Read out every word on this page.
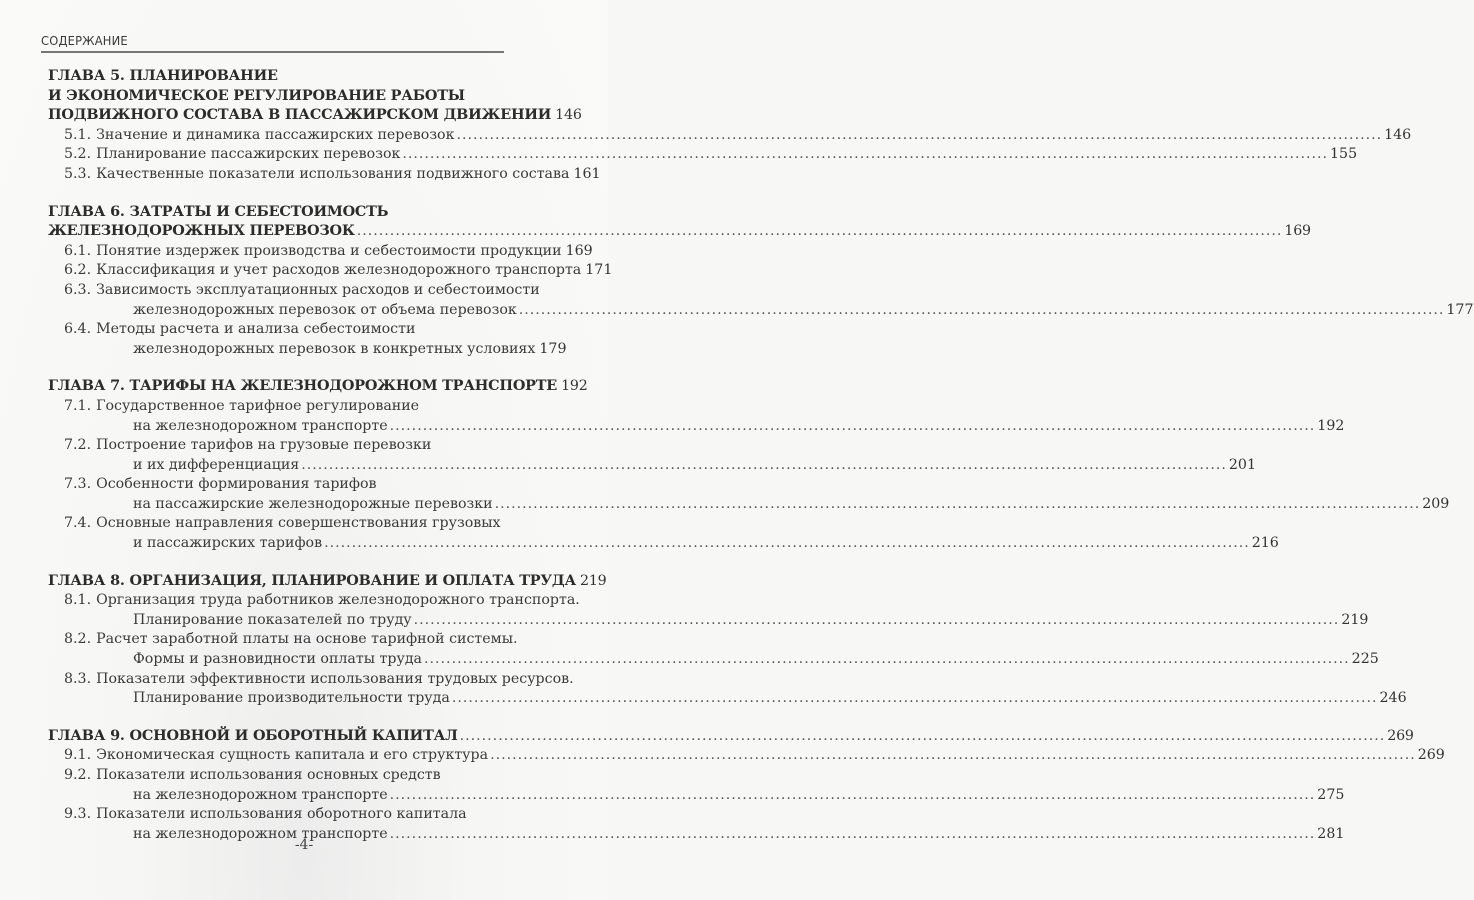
СОДЕРЖАНИЕ
ГЛАВА 5. ПЛАНИРОВАНИЕ
И ЭКОНОМИЧЕСКОЕ РЕГУЛИРОВАНИЕ РАБОТЫ
ПОДВИЖНОГО СОСТАВА В ПАССАЖИРСКОМ ДВИЖЕНИИ 146
5.1. Значение и динамика пассажирских перевозок .....	146
5.2. Планирование пассажирских перевозок .....	155
5.3. Качественные показатели использования подвижного состава 161
ГЛАВА 6. ЗАТРАТЫ И СЕБЕСТОИМОСТЬ
ЖЕЛЕЗНОДОРОЖНЫХ ПЕРЕВОЗОК .....	169
6.1. Понятие издержек производства и себестоимости продукции 169
6.2. Классификация и учет расходов железнодорожного транспорта 171
6.3. Зависимость эксплуатационных расходов и себестоимости
железнодорожных перевозок от объема перевозок .....	177
6.4. Методы расчета и анализа себестоимости
железнодорожных перевозок в конкретных условиях 179
ГЛАВА 7. ТАРИФЫ НА ЖЕЛЕЗНОДОРОЖНОМ ТРАНСПОРТЕ 192
7.1. Государственное тарифное регулирование
на железнодорожном транспорте .....	192
7.2. Построение тарифов на грузовые перевозки
и их дифференциация .....	201
7.3. Особенности формирования тарифов
на пассажирские железнодорожные перевозки .....	209
7.4. Основные направления совершенствования грузовых
и пассажирских тарифов .....	216
ГЛАВА 8. ОРГАНИЗАЦИЯ, ПЛАНИРОВАНИЕ И ОПЛАТА ТРУДА 219
8.1. Организация труда работников железнодорожного транспорта.
Планирование показателей по труду .....	219
8.2. Расчет заработной платы на основе тарифной системы.
Формы и разновидности оплаты труда .....	225
8.3. Показатели эффективности использования трудовых ресурсов.
Планирование производительности труда .....	246
ГЛАВА 9. ОСНОВНОЙ И ОБОРОТНЫЙ КАПИТАЛ .....	269
9.1. Экономическая сущность капитала и его структура .....	269
9.2. Показатели использования основных средств
на железнодорожном транспорте .....	275
9.3. Показатели использования оборотного капитала
на железнодорожном транспорте .....	281
-4-
